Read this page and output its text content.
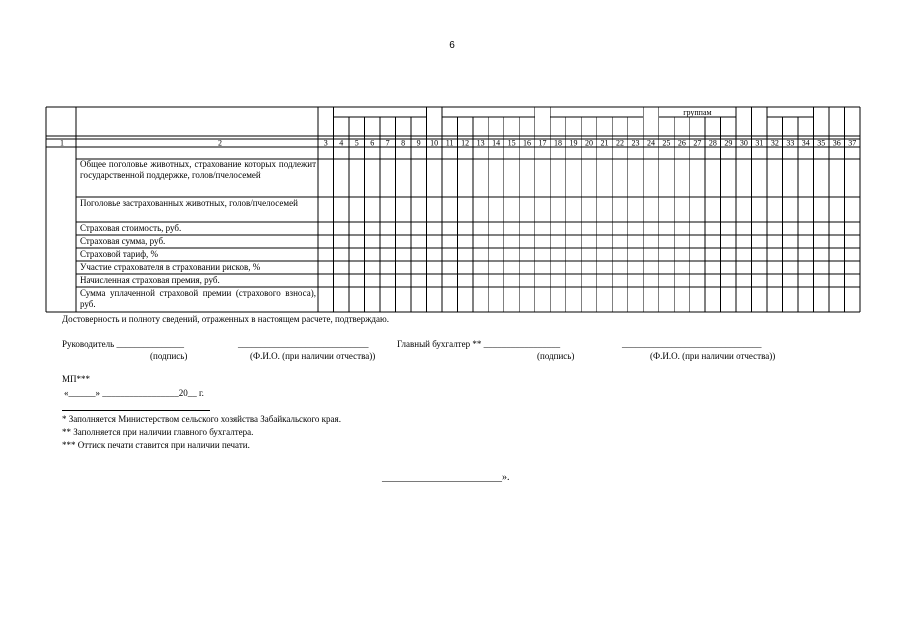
6
группам
1	2	3 4 5 6 7 8 9 10 11 12 13 14 15 16 17 18 19 20 21 22 23 24 25 26 27 28 29 30 31 32 33 34 35 36 37
Общее поголовье животных, страхование которых подлежит государственной поддержке, голов/пчелосемей
Поголовье застрахованных животных, голов/пчелосемей
Страховая стоимость, руб.
Страховая сумма, руб.
Страховой тариф, %
Участие страхователя в страховании рисков, %
Начисленная страховая премия, руб.
Сумма уплаченной страховой премии (страхового взноса), руб.
Достоверность и полноту сведений, отраженных в настоящем расчете, подтверждаю.
Руководитель _______________	_____________________________	Главный бухгалтер ** _________________	_______________________________
(подпись)	(Ф.И.О. (при наличии отчества))	(подпись)	(Ф.И.О. (при наличии отчества))
МП***
«______» _________________20__ г.
* Заполняется Министерством сельского хозяйства Забайкальского края.
** Заполняется при наличии главного бухгалтера.
*** Оттиск печати ставится при наличии печати.
________________________».
